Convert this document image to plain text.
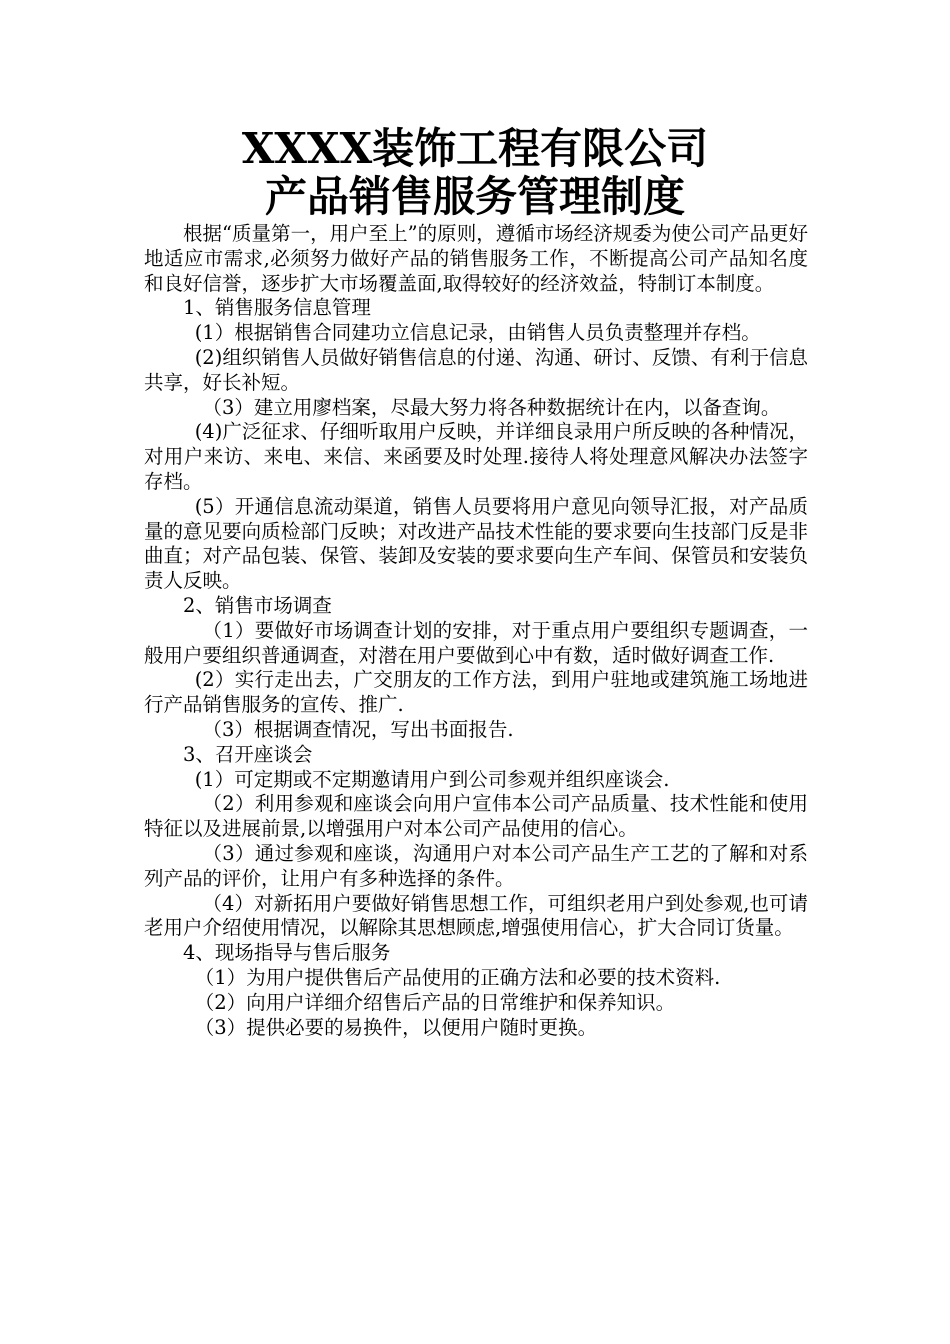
XXXX装饰工程有限公司
产品销售服务管理制度

根据“质量第一，用户至上”的原则，遵循市场经济规委为使公司产品更好地适应市需求,必须努力做好产品的销售服务工作，不断提高公司产品知名度和良好信誉，逐步扩大市场覆盖面,取得较好的经济效益，特制订本制度。

1、销售服务信息管理

(1）根据销售合同建功立信息记录，由销售人员负责整理并存档。

(2)组织销售人员做好销售信息的付递、沟通、研讨、反馈、有利于信息共享，好长补短。

（3）建立用廖档案，尽最大努力将各种数据统计在内，以备查询。

(4)广泛征求、仔细听取用户反映，并详细良录用户所反映的各种情况，对用户来访、来电、来信、来函要及时处理.接待人将处理意风解决办法签字存档。

(5）开通信息流动渠道，销售人员要将用户意见向领导汇报，对产品质量的意见要向质检部门反映；对改进产品技术性能的要求要向生技部门反是非曲直；对产品包装、保管、装卸及安装的要求要向生产车间、保管员和安装负责人反映。

2、销售市场调查

（1）要做好市场调查计划的安排，对于重点用户要组织专题调查，一般用户要组织普通调查，对潜在用户要做到心中有数，适时做好调查工作.

(2）实行走出去，广交朋友的工作方法，到用户驻地或建筑施工场地进行产品销售服务的宣传、推广.

（3）根据调查情况，写出书面报告.

3、召开座谈会

(1）可定期或不定期邀请用户到公司参观并组织座谈会.

（2）利用参观和座谈会向用户宣伟本公司产品质量、技术性能和使用特征以及进展前景,以增强用户对本公司产品使用的信心。

（3）通过参观和座谈，沟通用户对本公司产品生产工艺的了解和对系列产品的评价，让用户有多种选择的条件。

（4）对新拓用户要做好销售思想工作，可组织老用户到处参观,也可请老用户介绍使用情况，以解除其思想顾虑,增强使用信心，扩大合同订货量。

4、现场指导与售后服务

（1）为用户提供售后产品使用的正确方法和必要的技术资料.

（2）向用户详细介绍售后产品的日常维护和保养知识。

（3）提供必要的易换件，以便用户随时更换。
